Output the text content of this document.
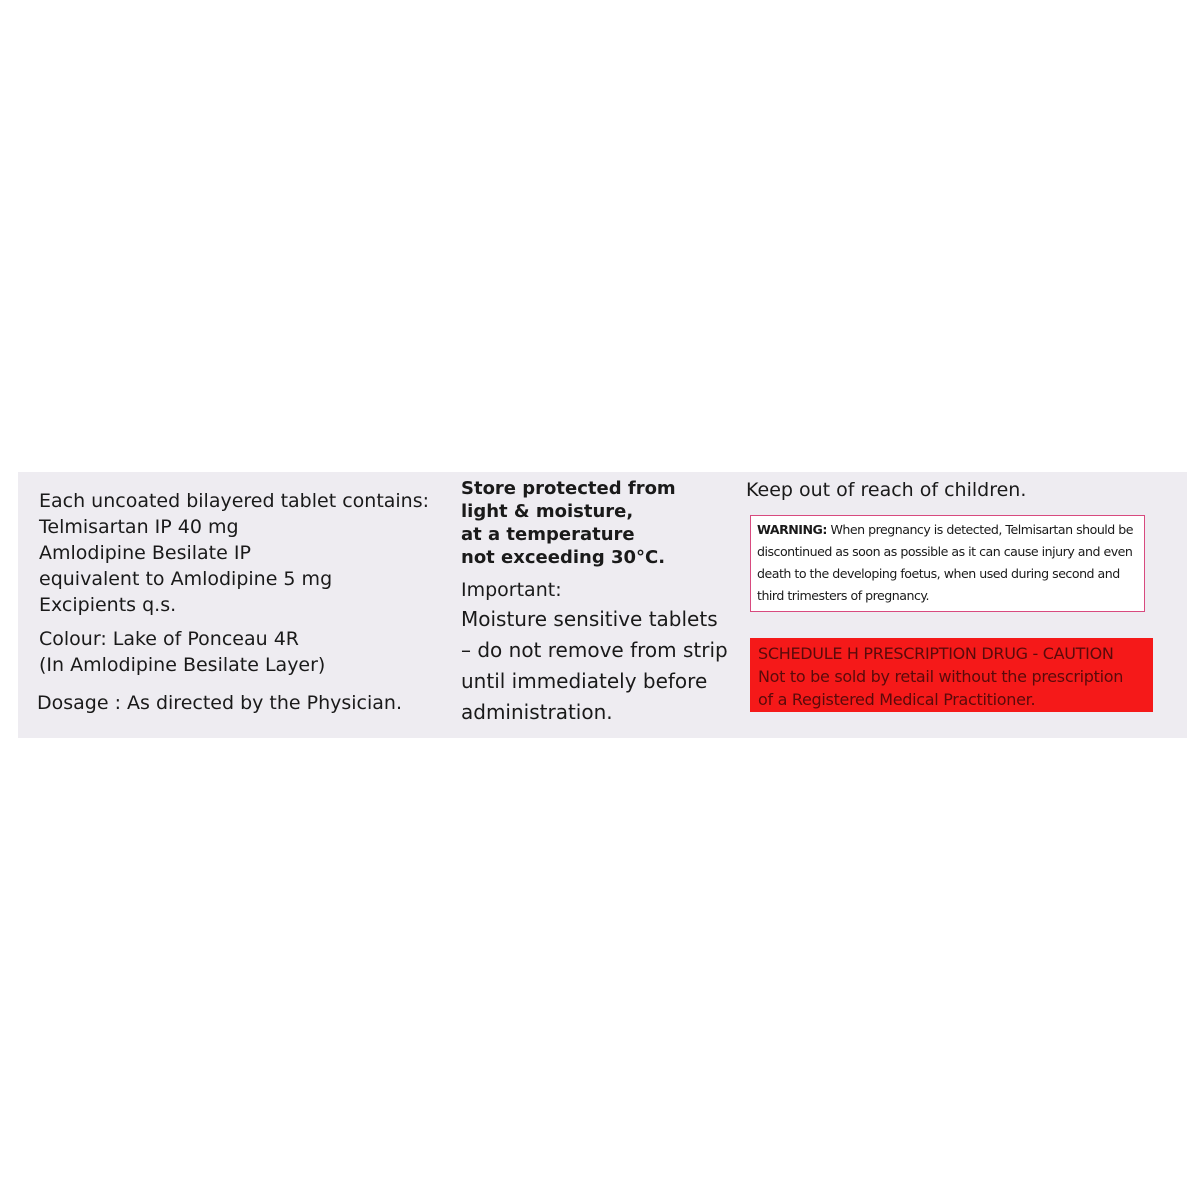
Each uncoated bilayered tablet contains:
Telmisartan IP 40 mg
Amlodipine Besilate IP
equivalent to Amlodipine 5 mg
Excipients q.s.
Colour: Lake of Ponceau 4R
(In Amlodipine Besilate Layer)
Dosage : As directed by the Physician.
Store protected from
light & moisture,
at a temperature
not exceeding 30°C.
Important:
Moisture sensitive tablets
– do not remove from strip
until immediately before
administration.
Keep out of reach of children.
WARNING: When pregnancy is detected, Telmisartan should be discontinued as soon as possible as it can cause injury and even death to the developing foetus, when used during second and third trimesters of pregnancy.
SCHEDULE H PRESCRIPTION DRUG - CAUTION
Not to be sold by retail without the prescription
of a Registered Medical Practitioner.
